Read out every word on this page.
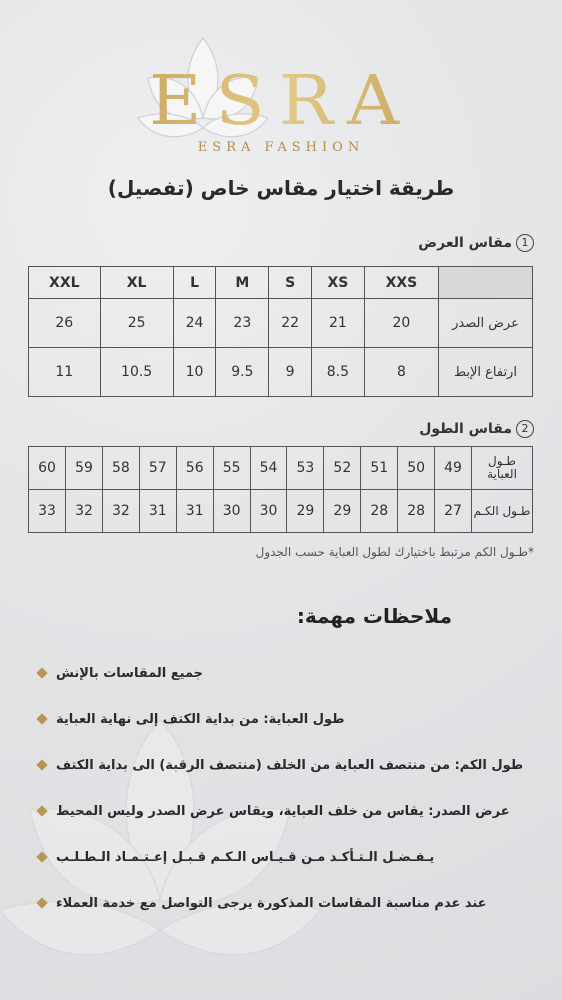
ESRA
ESRA FASHION
طريقة اختيار مقاس خاص (تفصيل)
1
مقاس العرض
	XXS	XS	S	M	L	XL	XXL
عرض الصدر	20	21	22	23	24	25	26
ارتفاع الإبط	8	8.5	9	9.5	10	10.5	11
2
مقاس الطول
طـول العباية	49	50	51	52	53	54	55	56	57	58	59	60
طـول الكـم	27	28	28	29	29	30	30	31	31	32	32	33
*طـول الكم مرتبط باختيارك لطول العباية حسب الجدول
ملاحظات مهمة:
جميع المقاسات بالإنش
طول العباية: من بداية الكتف إلى نهاية العباية
طول الكم: من منتصف العباية من الخلف (منتصف الرقبة) الى بداية الكتف
عرض الصدر: يقاس من خلف العباية، ويقاس عرض الصدر وليس المحيط
يـفـضـل الـتـأكـد مـن قـيـاس الـكـم قـبـل إعـتـمـاد الـطـلـب
عند عدم مناسبة المقاسات المذكورة يرجى التواصل مع خدمة العملاء
